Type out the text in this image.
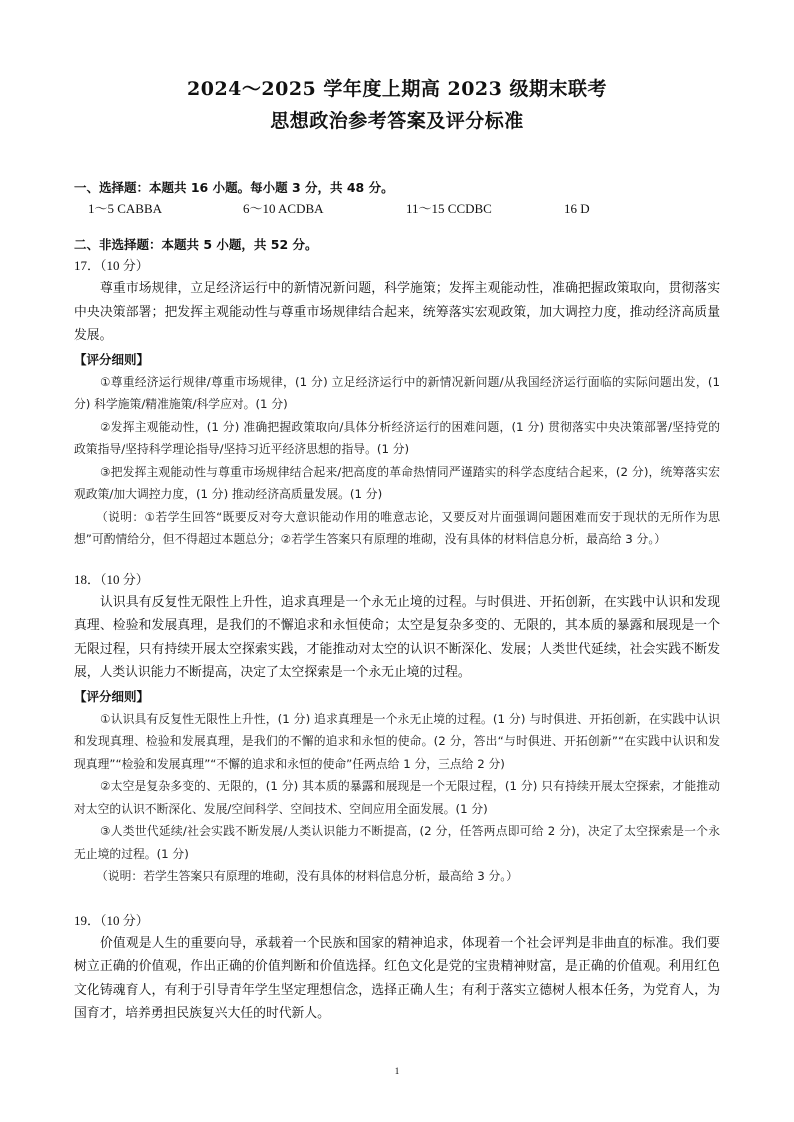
2024～2025 学年度上期高 2023 级期末联考
思想政治参考答案及评分标准
一、选择题：本题共 16 小题。每小题 3 分，共 48 分。
1～5 CABBA	6～10 ACDBA	11～15 CCDBC	16 D
二、非选择题：本题共 5 小题，共 52 分。
17．（10 分）
尊重市场规律，立足经济运行中的新情况新问题，科学施策；发挥主观能动性，准确把握政策取向，贯彻落实中央决策部署；把发挥主观能动性与尊重市场规律结合起来，统筹落实宏观政策，加大调控力度，推动经济高质量发展。
【评分细则】
①尊重经济运行规律/尊重市场规律，(1 分) 立足经济运行中的新情况新问题/从我国经济运行面临的实际问题出发，(1 分) 科学施策/精准施策/科学应对。(1 分)
②发挥主观能动性，(1 分) 准确把握政策取向/具体分析经济运行的困难问题，(1 分) 贯彻落实中央决策部署/坚持党的政策指导/坚持科学理论指导/坚持习近平经济思想的指导。(1 分)
③把发挥主观能动性与尊重市场规律结合起来/把高度的革命热情同严谨踏实的科学态度结合起来，(2 分)，统筹落实宏观政策/加大调控力度，(1 分) 推动经济高质量发展。(1 分)
（说明：①若学生回答“既要反对夸大意识能动作用的唯意志论，又要反对片面强调问题困难而安于现状的无所作为思想”可酌情给分，但不得超过本题总分；②若学生答案只有原理的堆砌，没有具体的材料信息分析，最高给 3 分。）
18．（10 分）
认识具有反复性无限性上升性，追求真理是一个永无止境的过程。与时俱进、开拓创新，在实践中认识和发现真理、检验和发展真理，是我们的不懈追求和永恒使命；太空是复杂多变的、无限的，其本质的暴露和展现是一个无限过程，只有持续开展太空探索实践，才能推动对太空的认识不断深化、发展；人类世代延续，社会实践不断发展，人类认识能力不断提高，决定了太空探索是一个永无止境的过程。
【评分细则】
①认识具有反复性无限性上升性，(1 分) 追求真理是一个永无止境的过程。(1 分) 与时俱进、开拓创新，在实践中认识和发现真理、检验和发展真理，是我们的不懈的追求和永恒的使命。(2 分，答出“与时俱进、开拓创新”“在实践中认识和发现真理”“检验和发展真理”“不懈的追求和永恒的使命”任两点给 1 分，三点给 2 分)
②太空是复杂多变的、无限的，(1 分) 其本质的暴露和展现是一个无限过程，(1 分) 只有持续开展太空探索，才能推动对太空的认识不断深化、发展/空间科学、空间技术、空间应用全面发展。(1 分)
③人类世代延续/社会实践不断发展/人类认识能力不断提高，(2 分，任答两点即可给 2 分)，决定了太空探索是一个永无止境的过程。(1 分)
（说明：若学生答案只有原理的堆砌，没有具体的材料信息分析，最高给 3 分。）
19．（10 分）
价值观是人生的重要向导，承载着一个民族和国家的精神追求，体现着一个社会评判是非曲直的标准。我们要树立正确的价值观，作出正确的价值判断和价值选择。红色文化是党的宝贵精神财富，是正确的价值观。利用红色文化铸魂育人，有利于引导青年学生坚定理想信念，选择正确人生；有利于落实立德树人根本任务，为党育人，为国育才，培养勇担民族复兴大任的时代新人。
1
